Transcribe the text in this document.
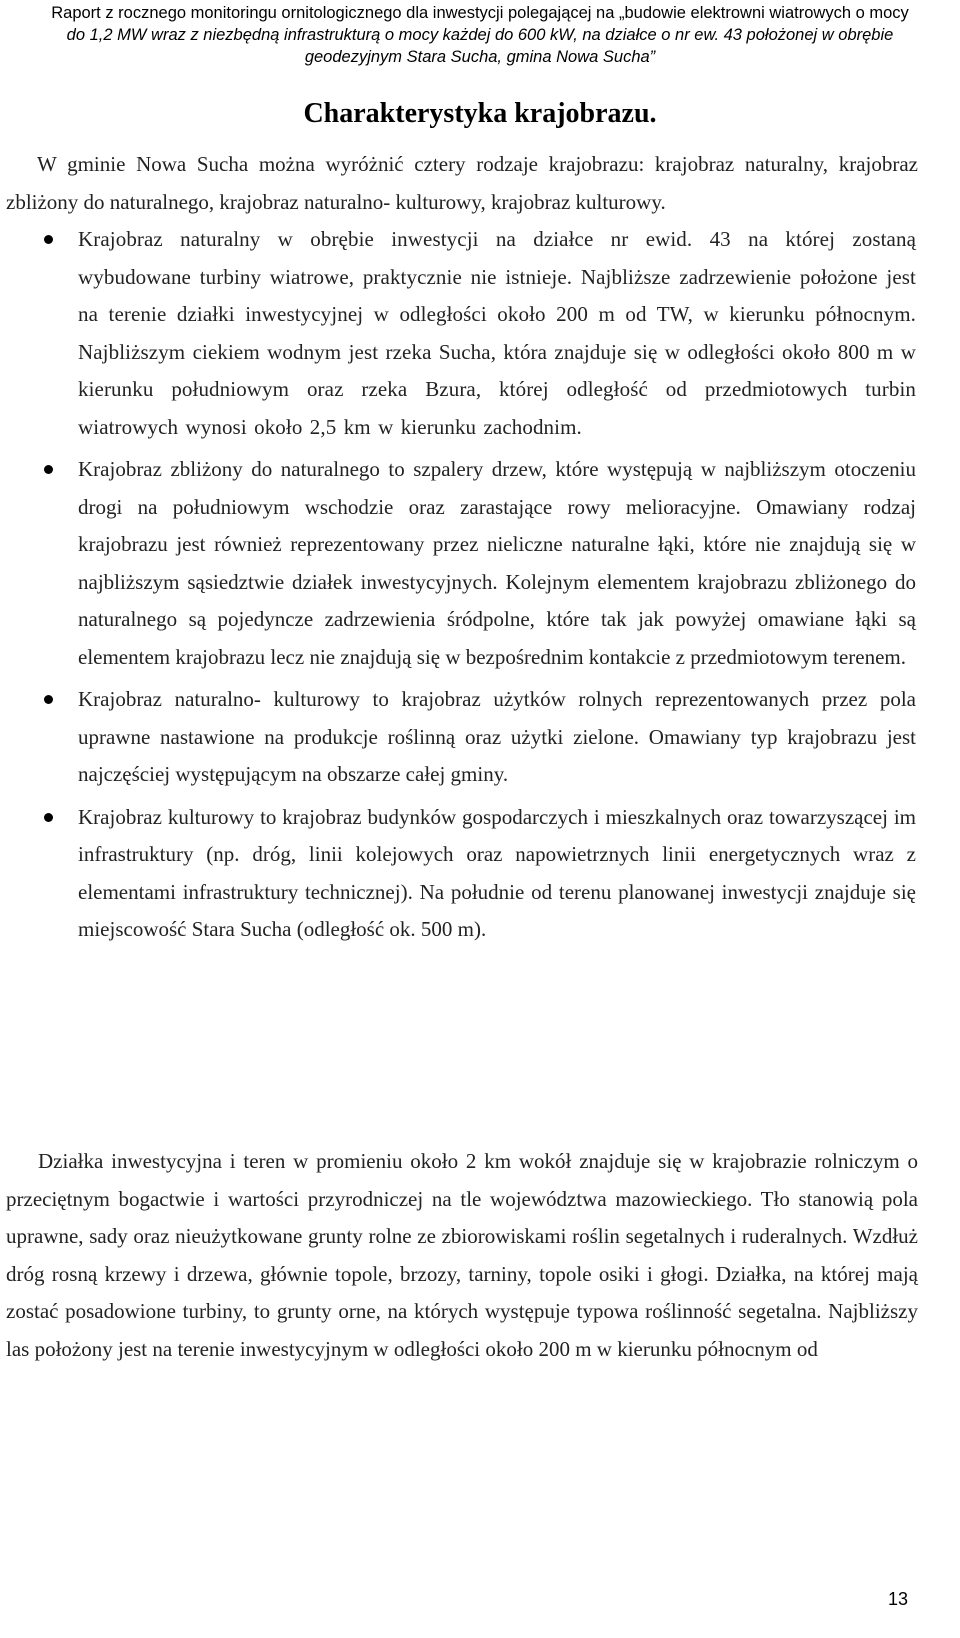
Raport z rocznego monitoringu ornitologicznego dla inwestycji polegającej na „budowie elektrowni wiatrowych o mocy
do 1,2 MW wraz z niezbędną infrastrukturą o mocy każdej do 600 kW, na działce o nr ew. 43 położonej w obrębie
geodezyjnym Stara Sucha, gmina Nowa Sucha”
Charakterystyka krajobrazu.

W gminie Nowa Sucha można wyróżnić cztery rodzaje krajobrazu: krajobraz naturalny, krajobraz zbliżony do naturalnego, krajobraz naturalno- kulturowy, krajobraz kulturowy.

Krajobraz naturalny w obrębie inwestycji na działce nr ewid. 43 na której zostaną wybudowane turbiny wiatrowe, praktycznie nie istnieje. Najbliższe zadrzewienie położone jest na terenie działki inwestycyjnej w odległości około 200 m od TW, w kierunku północnym. Najbliższym ciekiem wodnym jest rzeka Sucha, która znajduje się w odległości około 800 m w kierunku południowym oraz rzeka Bzura, której odległość od przedmiotowych turbin wiatrowych wynosi około 2,5 km w kierunku zachodnim.
Krajobraz zbliżony do naturalnego to szpalery drzew, które występują w najbliższym otoczeniu drogi na południowym wschodzie oraz zarastające rowy melioracyjne. Omawiany rodzaj krajobrazu jest również reprezentowany przez nieliczne naturalne łąki, które nie znajdują się w najbliższym sąsiedztwie działek inwestycyjnych. Kolejnym elementem krajobrazu zbliżonego do naturalnego są pojedyncze zadrzewienia śródpolne, które tak jak powyżej omawiane łąki są elementem krajobrazu lecz nie znajdują się w bezpośrednim kontakcie z przedmiotowym terenem.
Krajobraz naturalno- kulturowy to krajobraz użytków rolnych reprezentowanych przez pola uprawne nastawione na produkcje roślinną oraz użytki zielone. Omawiany typ krajobrazu jest najczęściej występującym na obszarze całej gminy.
Krajobraz kulturowy to krajobraz budynków gospodarczych i mieszkalnych oraz towarzyszącej im infrastruktury (np. dróg, linii kolejowych oraz napowietrznych linii energetycznych wraz z elementami infrastruktury technicznej). Na południe od terenu planowanej inwestycji znajduje się miejscowość Stara Sucha (odległość ok. 500 m).

Działka inwestycyjna i teren w promieniu około 2 km wokół znajduje się w krajobrazie rolniczym o przeciętnym bogactwie i wartości przyrodniczej na tle województwa mazowieckiego. Tło stanowią pola uprawne, sady oraz nieużytkowane grunty rolne ze zbiorowiskami roślin segetalnych i ruderalnych. Wzdłuż dróg rosną krzewy i drzewa, głównie topole, brzozy, tarniny, topole osiki i głogi. Działka, na której mają zostać posadowione turbiny, to grunty orne, na których występuje typowa roślinność segetalna. Najbliższy las położony jest na terenie inwestycyjnym w odległości około 200 m w kierunku północnym od

13
